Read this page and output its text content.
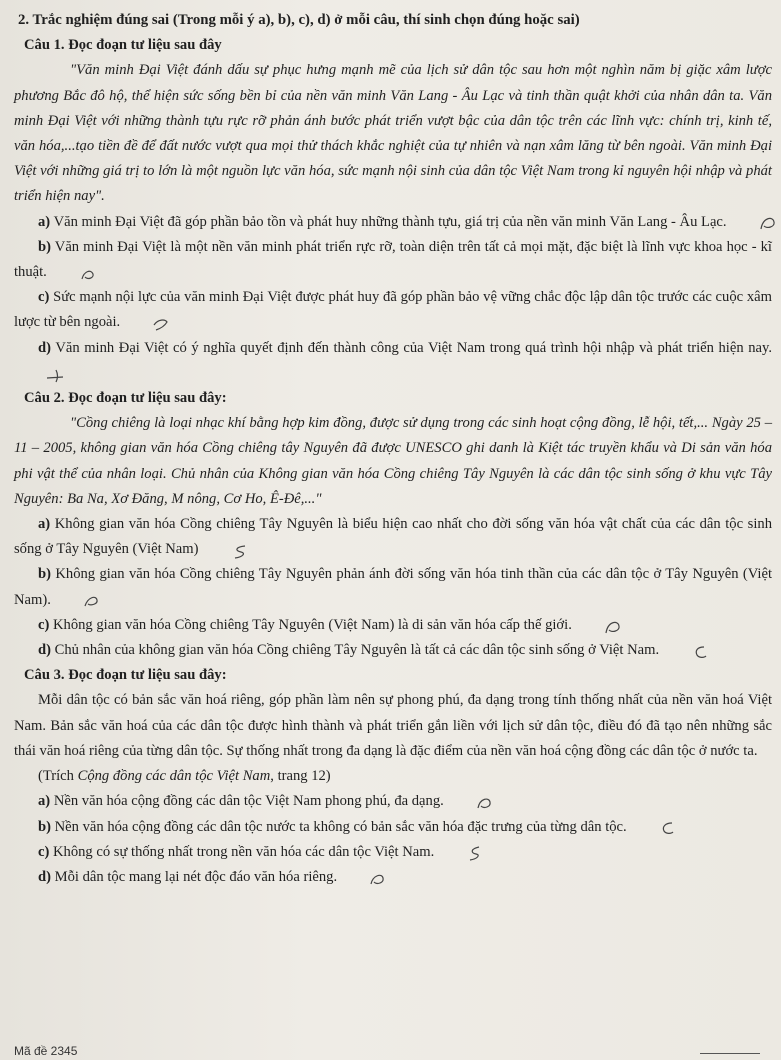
2. Trắc nghiệm đúng sai (Trong mỗi ý a), b), c), d) ở mỗi câu, thí sinh chọn đúng hoặc sai)

Câu 1. Đọc đoạn tư liệu sau đây

"Văn minh Đại Việt đánh dấu sự phục hưng mạnh mẽ của lịch sử dân tộc sau hơn một nghìn năm bị giặc xâm lược phương Bắc đô hộ, thể hiện sức sống bền bỉ của nền văn minh Văn Lang - Âu Lạc và tinh thần quật khởi của nhân dân ta. Văn minh Đại Việt với những thành tựu rực rỡ phản ánh bước phát triển vượt bậc của dân tộc trên các lĩnh vực: chính trị, kinh tế, văn hóa,...tạo tiền đề để đất nước vượt qua mọi thử thách khắc nghiệt của tự nhiên và nạn xâm lăng từ bên ngoài. Văn minh Đại Việt với những giá trị to lớn là một nguồn lực văn hóa, sức mạnh nội sinh của dân tộc Việt Nam trong kỉ nguyên hội nhập và phát triển hiện nay".

a) Văn minh Đại Việt đã góp phần bảo tồn và phát huy những thành tựu, giá trị của nền văn minh Văn Lang - Âu Lạc.

b) Văn minh Đại Việt là một nền văn minh phát triển rực rỡ, toàn diện trên tất cả mọi mặt, đặc biệt là lĩnh vực khoa học - kĩ thuật.

c) Sức mạnh nội lực của văn minh Đại Việt được phát huy đã góp phần bảo vệ vững chắc độc lập dân tộc trước các cuộc xâm lược từ bên ngoài.

d) Văn minh Đại Việt có ý nghĩa quyết định đến thành công của Việt Nam trong quá trình hội nhập và phát triển hiện nay.

Câu 2. Đọc đoạn tư liệu sau đây:

"Cồng chiêng là loại nhạc khí bằng hợp kim đồng, được sử dụng trong các sinh hoạt cộng đồng, lễ hội, tết,... Ngày 25 – 11 – 2005, không gian văn hóa Cồng chiêng tây Nguyên đã được UNESCO ghi danh là Kiệt tác truyền khẩu và Di sản văn hóa phi vật thể của nhân loại. Chủ nhân của Không gian văn hóa Cồng chiêng Tây Nguyên là các dân tộc sinh sống ở khu vực Tây Nguyên: Ba Na, Xơ Đăng, M nông, Cơ Ho, Ê-Đê,..."

a) Không gian văn hóa Cồng chiêng Tây Nguyên là biểu hiện cao nhất cho đời sống văn hóa vật chất của các dân tộc sinh sống ở Tây Nguyên (Việt Nam)

b) Không gian văn hóa Cồng chiêng Tây Nguyên phản ánh đời sống văn hóa tinh thần của các dân tộc ở Tây Nguyên (Việt Nam).

c) Không gian văn hóa Cồng chiêng Tây Nguyên (Việt Nam) là di sản văn hóa cấp thế giới.

d) Chủ nhân của không gian văn hóa Cồng chiêng Tây Nguyên là tất cả các dân tộc sinh sống ở Việt Nam.

Câu 3. Đọc đoạn tư liệu sau đây:

Mỗi dân tộc có bản sắc văn hoá riêng, góp phần làm nên sự phong phú, đa dạng trong tính thống nhất của nền văn hoá Việt Nam. Bản sắc văn hoá của các dân tộc được hình thành và phát triển gắn liền với lịch sử dân tộc, điều đó đã tạo nên những sắc thái văn hoá riêng của từng dân tộc. Sự thống nhất trong đa dạng là đặc điểm của nền văn hoá cộng đồng các dân tộc ở nước ta.

(Trích Cộng đồng các dân tộc Việt Nam, trang 12)

a) Nền văn hóa cộng đồng các dân tộc Việt Nam phong phú, đa dạng.

b) Nền văn hóa cộng đồng các dân tộc nước ta không có bản sắc văn hóa đặc trưng của từng dân tộc.

c) Không có sự thống nhất trong nền văn hóa các dân tộc Việt Nam.

d) Mỗi dân tộc mang lại nét độc đáo văn hóa riêng.

Mã đề 2345
